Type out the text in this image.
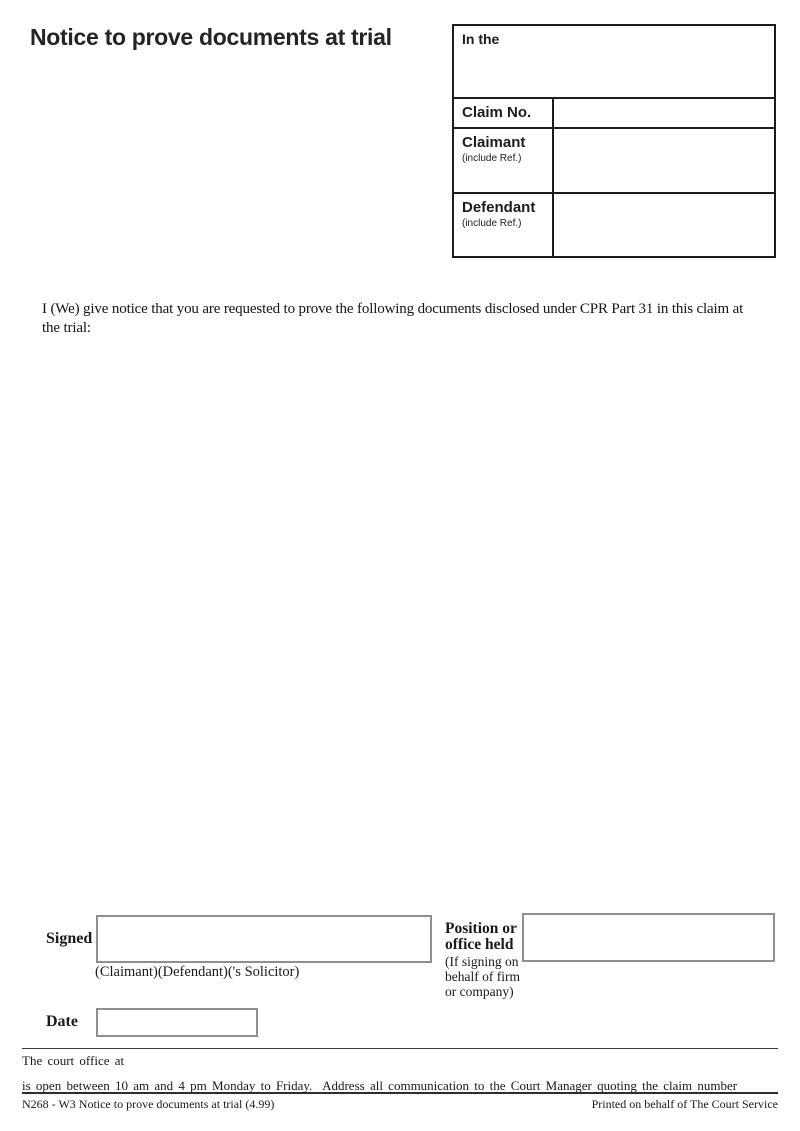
Notice to prove documents at trial	In the
Claim No.
Claimant
(include Ref.)
Defendant
(include Ref.)
I (We) give notice that you are requested to prove the following documents disclosed under CPR Part 31 in this claim at
the trial:
Signed
(Claimant)(Defendant)('s Solicitor)
Position or
office held
(If signing on
behalf of firm
or company)
Date
The court office at
is open between 10 am and 4 pm Monday to Friday.  Address all communication to the Court Manager quoting the claim number
N268 - W3 Notice to prove documents at trial (4.99)	Printed on behalf of The Court Service
